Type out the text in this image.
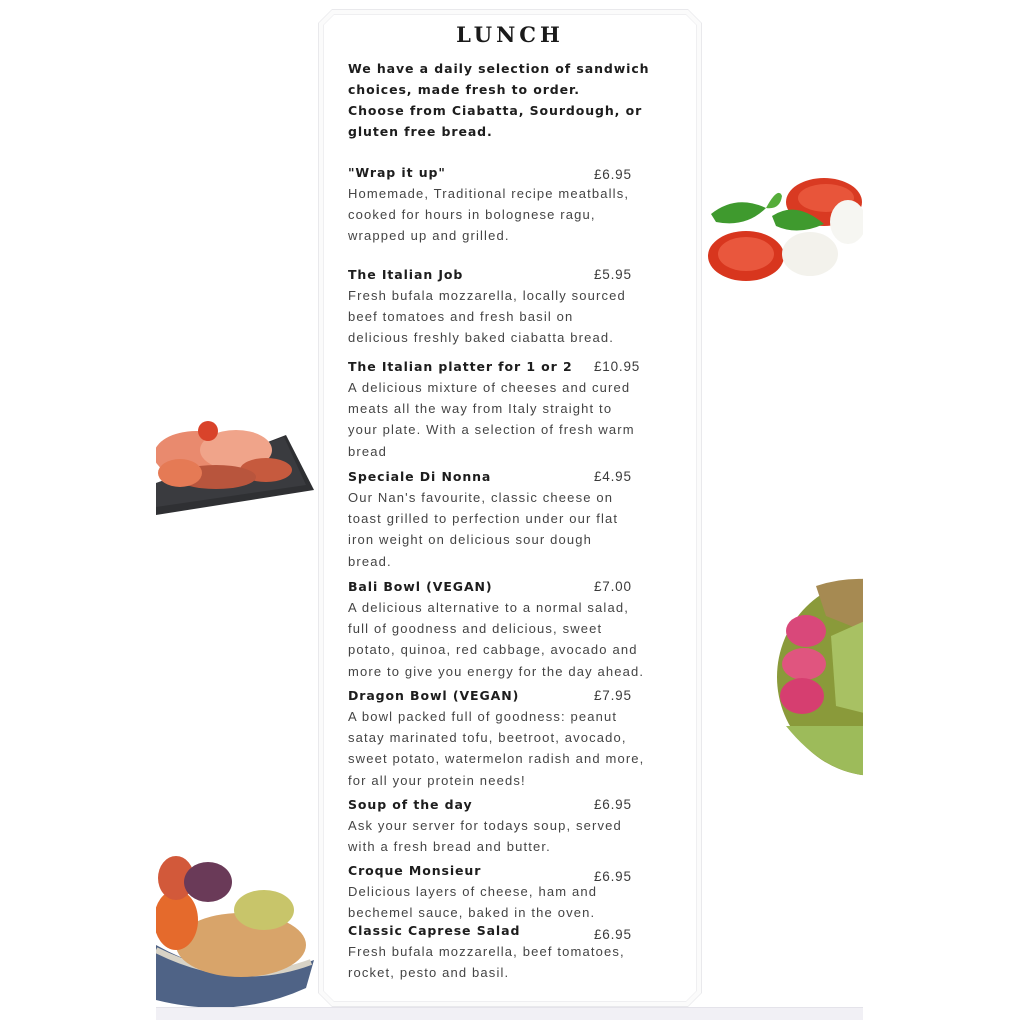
LUNCH
We have a daily selection of sandwich
choices, made fresh to order.
Choose from Ciabatta, Sourdough, or
gluten free bread.
"Wrap it up"	£6.95
Homemade, Traditional recipe meatballs,
cooked for hours in bolognese ragu,
wrapped up and grilled.
The Italian Job	£5.95
Fresh bufala mozzarella, locally sourced
beef tomatoes and fresh basil on
delicious freshly baked ciabatta bread.
The Italian platter for 1 or 2	£10.95
A delicious mixture of cheeses and cured
meats all the way from Italy straight to
your plate. With a selection of fresh warm
bread
Speciale Di Nonna	£4.95
Our Nan's favourite, classic cheese on
toast grilled to perfection under our flat
iron weight on delicious sour dough
bread.
Bali Bowl (VEGAN)	£7.00
A delicious alternative to a normal salad,
full of goodness and delicious, sweet
potato, quinoa, red cabbage, avocado and
more to give you energy for the day ahead.
Dragon Bowl (VEGAN)	£7.95
A bowl packed full of goodness: peanut
satay marinated tofu, beetroot, avocado,
sweet potato, watermelon radish and more,
for all your protein needs!
Soup of the day	£6.95
Ask your server for todays soup, served
with a fresh bread and butter.
Croque Monsieur	£6.95
Delicious layers of cheese, ham and
bechemel sauce, baked in the oven.
Classic Caprese Salad	£6.95
Fresh bufala mozzarella, beef tomatoes,
rocket, pesto and basil.
